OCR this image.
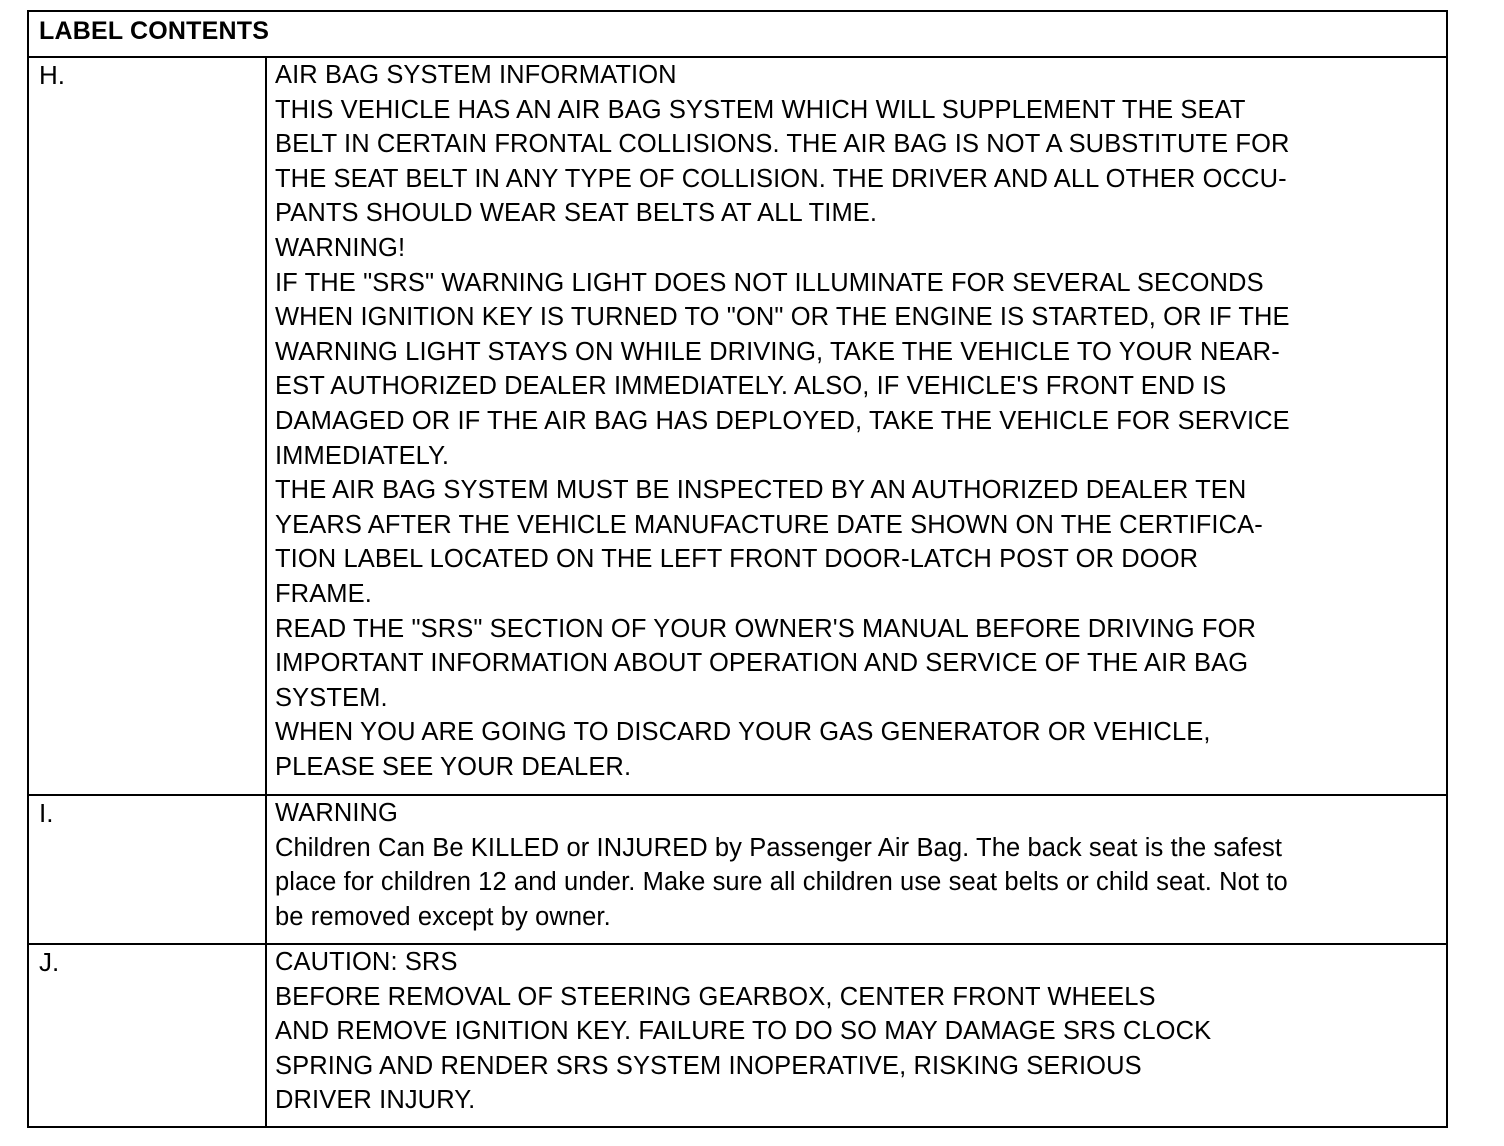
LABEL CONTENTS
H.	AIR BAG SYSTEM INFORMATION
THIS VEHICLE HAS AN AIR BAG SYSTEM WHICH WILL SUPPLEMENT THE SEAT
BELT IN CERTAIN FRONTAL COLLISIONS. THE AIR BAG IS NOT A SUBSTITUTE FOR
THE SEAT BELT IN ANY TYPE OF COLLISION. THE DRIVER AND ALL OTHER OCCU-
PANTS SHOULD WEAR SEAT BELTS AT ALL TIME.
WARNING!
IF THE "SRS" WARNING LIGHT DOES NOT ILLUMINATE FOR SEVERAL SECONDS
WHEN IGNITION KEY IS TURNED TO "ON" OR THE ENGINE IS STARTED, OR IF THE
WARNING LIGHT STAYS ON WHILE DRIVING, TAKE THE VEHICLE TO YOUR NEAR-
EST AUTHORIZED DEALER IMMEDIATELY. ALSO, IF VEHICLE'S FRONT END IS
DAMAGED OR IF THE AIR BAG HAS DEPLOYED, TAKE THE VEHICLE FOR SERVICE
IMMEDIATELY.
THE AIR BAG SYSTEM MUST BE INSPECTED BY AN AUTHORIZED DEALER TEN
YEARS AFTER THE VEHICLE MANUFACTURE DATE SHOWN ON THE CERTIFICA-
TION LABEL LOCATED ON THE LEFT FRONT DOOR-LATCH POST OR DOOR
FRAME.
READ THE "SRS" SECTION OF YOUR OWNER'S MANUAL BEFORE DRIVING FOR
IMPORTANT INFORMATION ABOUT OPERATION AND SERVICE OF THE AIR BAG
SYSTEM.
WHEN YOU ARE GOING TO DISCARD YOUR GAS GENERATOR OR VEHICLE,
PLEASE SEE YOUR DEALER.
I.	WARNING
Children Can Be KILLED or INJURED by Passenger Air Bag. The back seat is the safest
place for children 12 and under. Make sure all children use seat belts or child seat. Not to
be removed except by owner.
J.	CAUTION: SRS
BEFORE REMOVAL OF STEERING GEARBOX, CENTER FRONT WHEELS
AND REMOVE IGNITION KEY. FAILURE TO DO SO MAY DAMAGE SRS CLOCK
SPRING AND RENDER SRS SYSTEM INOPERATIVE, RISKING SERIOUS
DRIVER INJURY.
